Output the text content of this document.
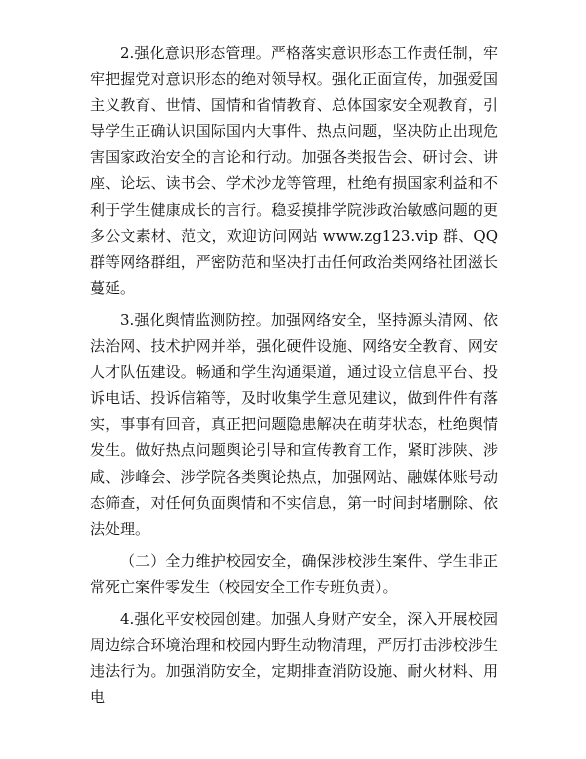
2.强化意识形态管理。严格落实意识形态工作责任制，牢牢把握党对意识形态的绝对领导权。强化正面宣传，加强爱国主义教育、世情、国情和省情教育、总体国家安全观教育，引导学生正确认识国际国内大事件、热点问题，坚决防止出现危害国家政治安全的言论和行动。加强各类报告会、研讨会、讲座、论坛、读书会、学术沙龙等管理，杜绝有损国家利益和不利于学生健康成长的言行。稳妥摸排学院涉政治敏感问题的更多公文素材、范文，欢迎访问网站 www.zg123.vip 群、QQ 群等网络群组，严密防范和坚决打击任何政治类网络社团滋长蔓延。

3.强化舆情监测防控。加强网络安全，坚持源头清网、依法治网、技术护网并举，强化硬件设施、网络安全教育、网安人才队伍建设。畅通和学生沟通渠道，通过设立信息平台、投诉电话、投诉信箱等，及时收集学生意见建议，做到件件有落实，事事有回音，真正把问题隐患解决在萌芽状态，杜绝舆情发生。做好热点问题舆论引导和宣传教育工作，紧盯涉陕、涉咸、涉峰会、涉学院各类舆论热点，加强网站、融媒体账号动态筛查，对任何负面舆情和不实信息，第一时间封堵删除、依法处理。

（二）全力维护校园安全，确保涉校涉生案件、学生非正常死亡案件零发生（校园安全工作专班负责）。

4.强化平安校园创建。加强人身财产安全，深入开展校园周边综合环境治理和校园内野生动物清理，严厉打击涉校涉生违法行为。加强消防安全，定期排查消防设施、耐火材料、用电
